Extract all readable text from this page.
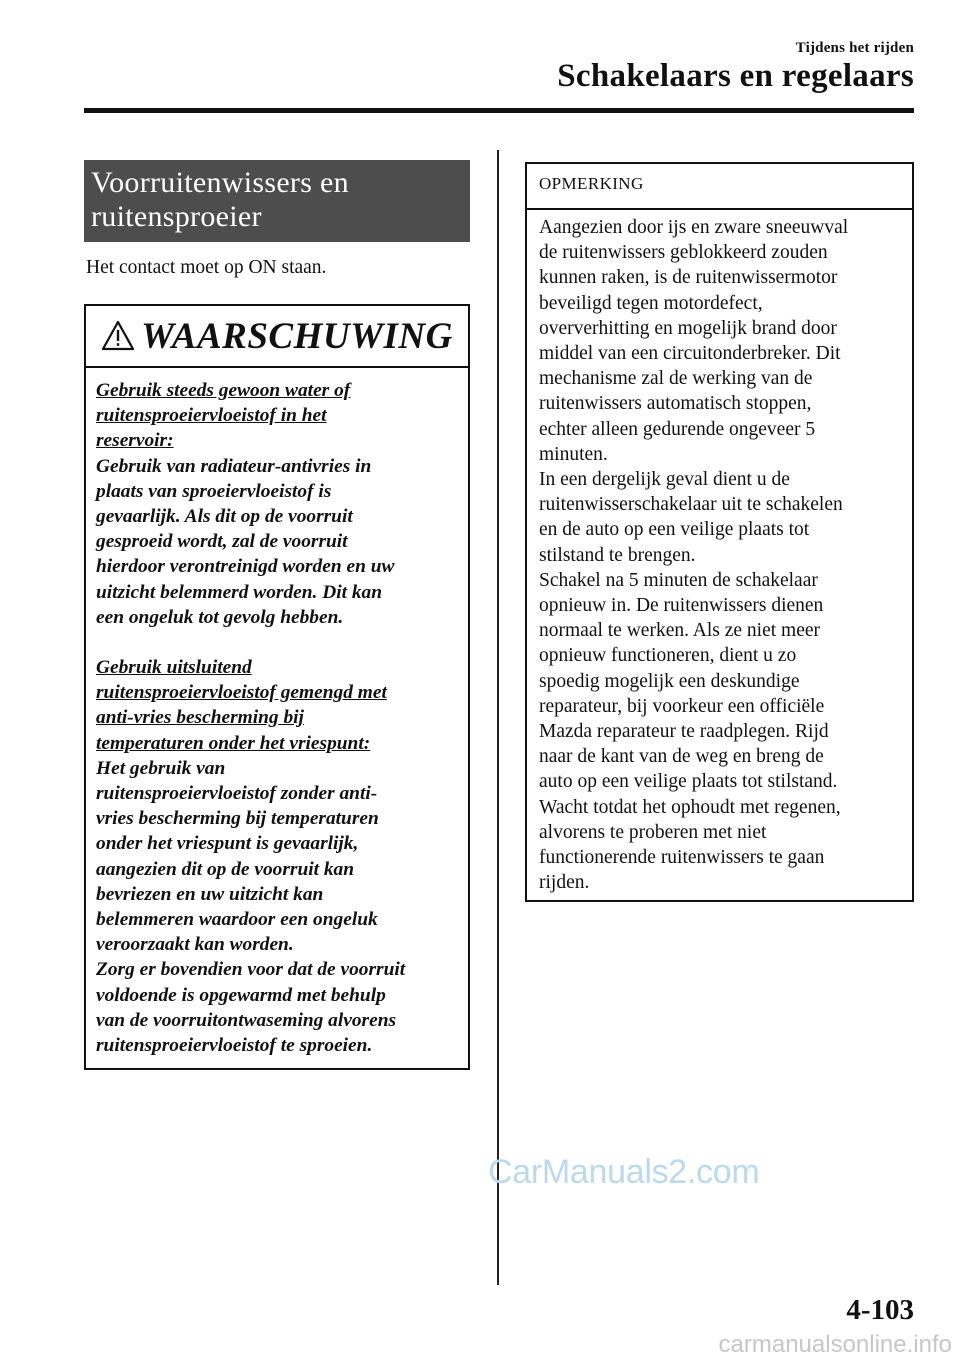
Tijdens het rijden
Schakelaars en regelaars
Voorruitenwissers en
ruitensproeier
Het contact moet op ON staan.
WAARSCHUWING

Gebruik steeds gewoon water of
ruitensproeiervloeistof in het
reservoir:

Gebruik van radiateur-antivries in
plaats van sproeiervloeistof is
gevaarlijk. Als dit op de voorruit
gesproeid wordt, zal de voorruit
hierdoor verontreinigd worden en uw
uitzicht belemmerd worden. Dit kan
een ongeluk tot gevolg hebben.

Gebruik uitsluitend
ruitensproeiervloeistof gemengd met
anti-vries bescherming bij
temperaturen onder het vriespunt:

Het gebruik van
ruitensproeiervloeistof zonder anti-
vries bescherming bij temperaturen
onder het vriespunt is gevaarlijk,
aangezien dit op de voorruit kan
bevriezen en uw uitzicht kan
belemmeren waardoor een ongeluk
veroorzaakt kan worden.
Zorg er bovendien voor dat de voorruit
voldoende is opgewarmd met behulp
van de voorruitontwaseming alvorens
ruitensproeiervloeistof te sproeien.

OPMERKING
Aangezien door ijs en zware sneeuwval
de ruitenwissers geblokkeerd zouden
kunnen raken, is de ruitenwissermotor
beveiligd tegen motordefect,
oververhitting en mogelijk brand door
middel van een circuitonderbreker. Dit
mechanisme zal de werking van de
ruitenwissers automatisch stoppen,
echter alleen gedurende ongeveer 5
minuten.
In een dergelijk geval dient u de
ruitenwisserschakelaar uit te schakelen
en de auto op een veilige plaats tot
stilstand te brengen.
Schakel na 5 minuten de schakelaar
opnieuw in. De ruitenwissers dienen
normaal te werken. Als ze niet meer
opnieuw functioneren, dient u zo
spoedig mogelijk een deskundige
reparateur, bij voorkeur een officiële
Mazda reparateur te raadplegen. Rijd
naar de kant van de weg en breng de
auto op een veilige plaats tot stilstand.
Wacht totdat het ophoudt met regenen,
alvorens te proberen met niet
functionerende ruitenwissers te gaan
rijden.
CarManuals2.com
4-103
carmanualsonline.info
